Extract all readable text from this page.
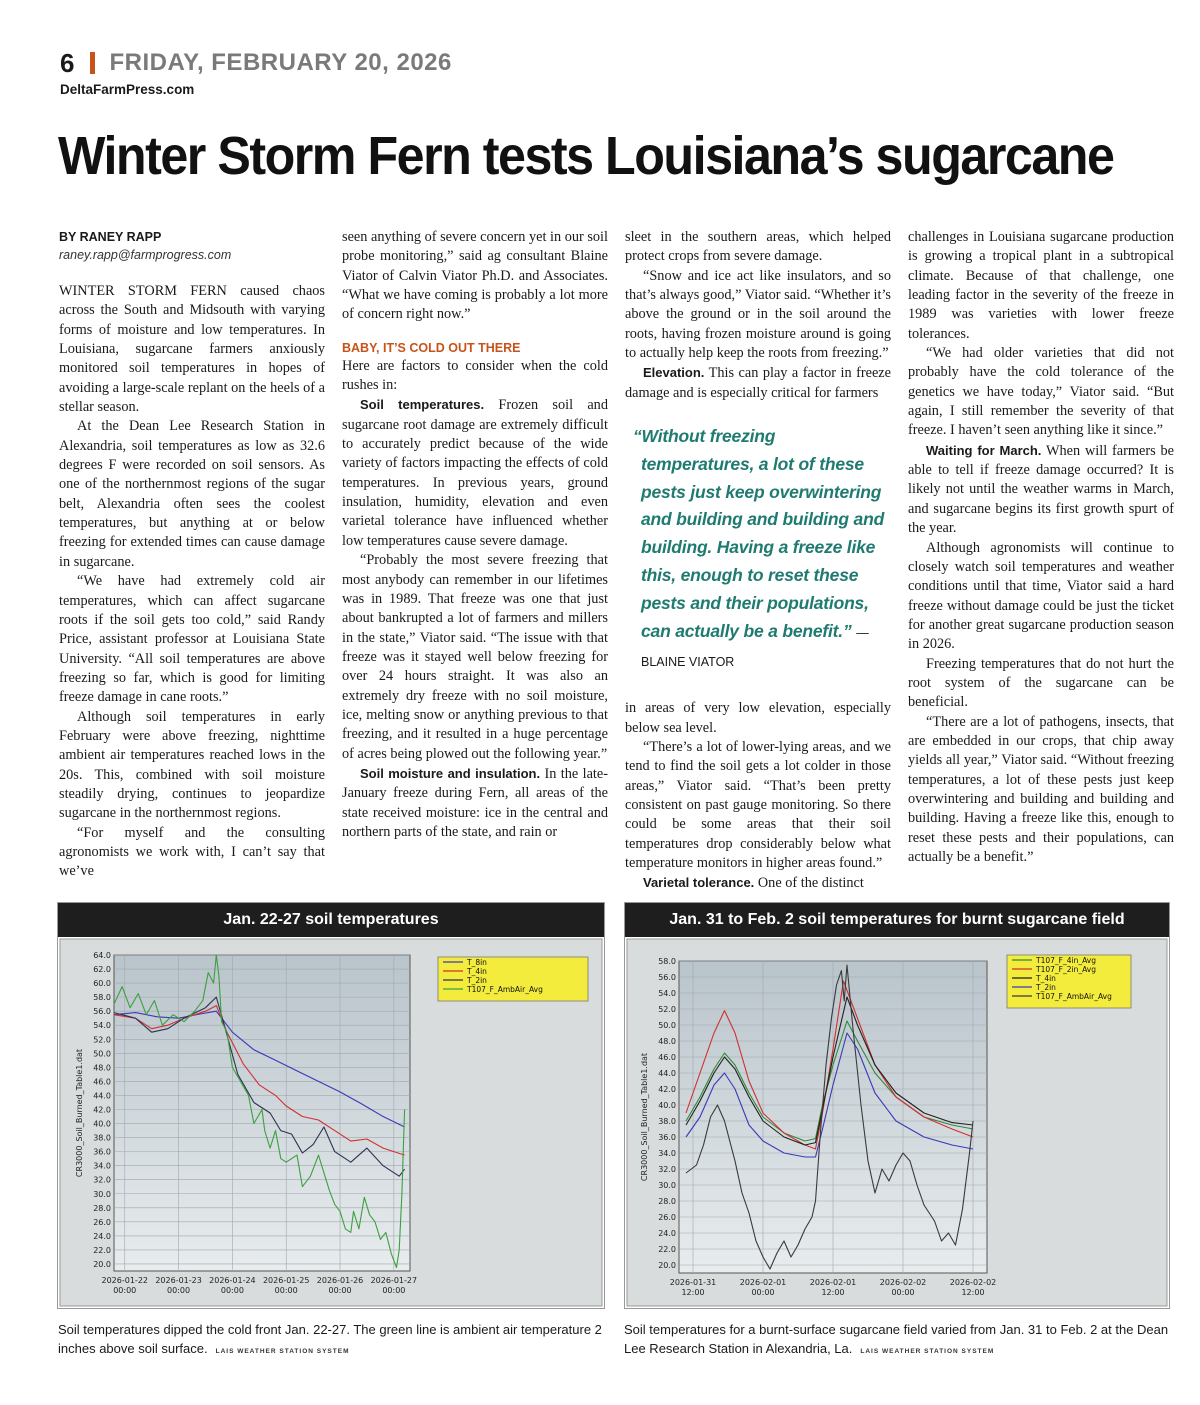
6 FRIDAY, FEBRUARY 20, 2026
DeltaFarmPress.com
Winter Storm Fern tests Louisiana’s sugarcane
BY RANEY RAPP
raney.rapp@farmprogress.com

WINTER STORM FERN caused chaos across the South and Midsouth with varying forms of moisture and low temperatures. In Louisiana, sugarcane farmers anxiously monitored soil temperatures in hopes of avoiding a large-scale replant on the heels of a stellar season.

At the Dean Lee Research Station in Alexandria, soil temperatures as low as 32.6 degrees F were recorded on soil sensors. As one of the northernmost regions of the sugar belt, Alexandria often sees the coolest temperatures, but anything at or below freezing for extended times can cause damage in sugarcane.

“We have had extremely cold air temperatures, which can affect sugarcane roots if the soil gets too cold,” said Randy Price, assistant professor at Louisiana State University. “All soil temperatures are above freezing so far, which is good for limiting freeze damage in cane roots.”

Although soil temperatures in early February were above freezing, nighttime ambient air temperatures reached lows in the 20s. This, combined with soil moisture steadily drying, continues to jeopardize sugarcane in the northernmost regions.

“For myself and the consulting agronomists we work with, I can’t say that we’ve

seen anything of severe concern yet in our soil probe monitoring,” said ag consultant Blaine Viator of Calvin Viator Ph.D. and Associates. “What we have coming is probably a lot more of concern right now.”

BABY, IT’S COLD OUT THERE

Here are factors to consider when the cold rushes in:

Soil temperatures. Frozen soil and sugarcane root damage are extremely difficult to accurately predict because of the wide variety of factors impacting the effects of cold temperatures. In previous years, ground insulation, humidity, elevation and even varietal tolerance have influenced whether low temperatures cause severe damage.

“Probably the most severe freezing that most anybody can remember in our lifetimes was in 1989. That freeze was one that just about bankrupted a lot of farmers and millers in the state,” Viator said. “The issue with that freeze was it stayed well below freezing for over 24 hours straight. It was also an extremely dry freeze with no soil moisture, ice, melting snow or anything previous to that freezing, and it resulted in a huge percentage of acres being plowed out the following year.”

Soil moisture and insulation. In the late-January freeze during Fern, all areas of the state received moisture: ice in the central and northern parts of the state, and rain or

sleet in the southern areas, which helped protect crops from severe damage.

“Snow and ice act like insulators, and so that’s always good,” Viator said. “Whether it’s above the ground or in the soil around the roots, having frozen moisture around is going to actually help keep the roots from freezing.”

Elevation. This can play a factor in freeze damage and is especially critical for farmers

“Without freezing temperatures, a lot of these pests just keep overwintering and building and building and building. Having a freeze like this, enough to reset these pests and their populations, can actually be a benefit.” — BLAINE VIATOR

in areas of very low elevation, especially below sea level.

“There’s a lot of lower-lying areas, and we tend to find the soil gets a lot colder in those areas,” Viator said. “That’s been pretty consistent on past gauge monitoring. So there could be some areas that their soil temperatures drop considerably below what temperature monitors in higher areas found.”

Varietal tolerance. One of the distinct

challenges in Louisiana sugarcane production is growing a tropical plant in a subtropical climate. Because of that challenge, one leading factor in the severity of the freeze in 1989 was varieties with lower freeze tolerances.

“We had older varieties that did not probably have the cold tolerance of the genetics we have today,” Viator said. “But again, I still remember the severity of that freeze. I haven’t seen anything like it since.”

Waiting for March. When will farmers be able to tell if freeze damage occurred? It is likely not until the weather warms in March, and sugarcane begins its first growth spurt of the year.

Although agronomists will continue to closely watch soil temperatures and weather conditions until that time, Viator said a hard freeze without damage could be just the ticket for another great sugarcane production season in 2026.

Freezing temperatures that do not hurt the root system of the sugarcane can be beneficial.

“There are a lot of pathogens, insects, that are embedded in our crops, that chip away yields all year,” Viator said. “Without freezing temperatures, a lot of these pests just keep overwintering and building and building and building. Having a freeze like this, enough to reset these pests and their populations, can actually be a benefit.”

Jan. 22-27 soil temperatures
20.0
22.0
24.0
26.0
28.0
30.0
32.0
34.0
36.0
38.0
40.0
42.0
44.0
46.0
48.0
50.0
52.0
54.0
56.0
58.0
60.0
62.0
64.0
2026-01-22
00:00
2026-01-23
00:00
2026-01-24
00:00
2026-01-25
00:00
2026-01-26
00:00
2026-01-27
00:00
CR3000_Soil_Burned_Table1.dat
T_8in
T_4in
T_2in
T107_F_AmbAir_Avg
Jan. 31 to Feb. 2 soil temperatures for burnt sugarcane field
20.0
22.0
24.0
26.0
28.0
30.0
32.0
34.0
36.0
38.0
40.0
42.0
44.0
46.0
48.0
50.0
52.0
54.0
56.0
58.0
2026-01-31
12:00
2026-02-01
00:00
2026-02-01
12:00
2026-02-02
00:00
2026-02-02
12:00
CR3000_Soil_Burned_Table1.dat
T107_F_4in_Avg
T107_F_2in_Avg
T_4in
T_2in
T107_F_AmbAir_Avg
Soil temperatures dipped the cold front Jan. 22-27. The green line is ambient air temperature 2 inches above soil surface. LAIS WEATHER STATION SYSTEM
Soil temperatures for a burnt-surface sugarcane field varied from Jan. 31 to Feb. 2 at the Dean Lee Research Station in Alexandria, La. LAIS WEATHER STATION SYSTEM
